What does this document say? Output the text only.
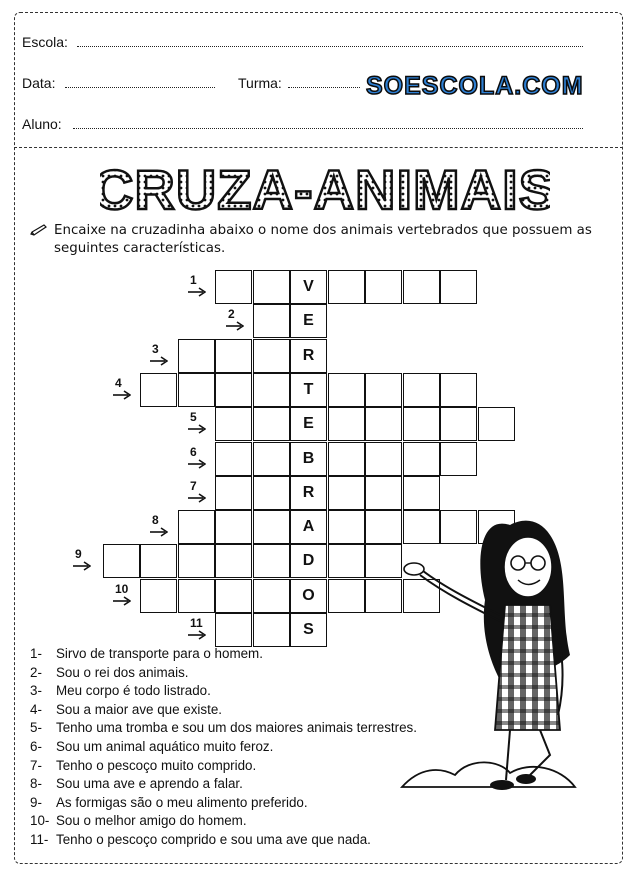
Escola:
Data:	Turma:	SOESCOLA.COM
Aluno:
CRUZA-ANIMAIS
Encaixe na cruzadinha abaixo o nome dos animais vertebrados que possuem as seguintes características.
V
1
E
2
R
3
T
4
E
5
B
6
R
7
A
8
D
9
O
10
S
11
1-	Sirvo de transporte para o homem.
2-	Sou o rei dos animais.
3-	Meu corpo é todo listrado.
4-	Sou a maior ave que existe.
5-	Tenho uma tromba e sou um dos maiores animais terrestres.
6-	Sou um animal aquático muito feroz.
7-	Tenho o pescoço muito comprido.
8-	Sou uma ave e aprendo a falar.
9-	As formigas são o meu alimento preferido.
10- Sou o melhor amigo do homem.
11- Tenho o pescoço comprido e sou uma ave que nada.
